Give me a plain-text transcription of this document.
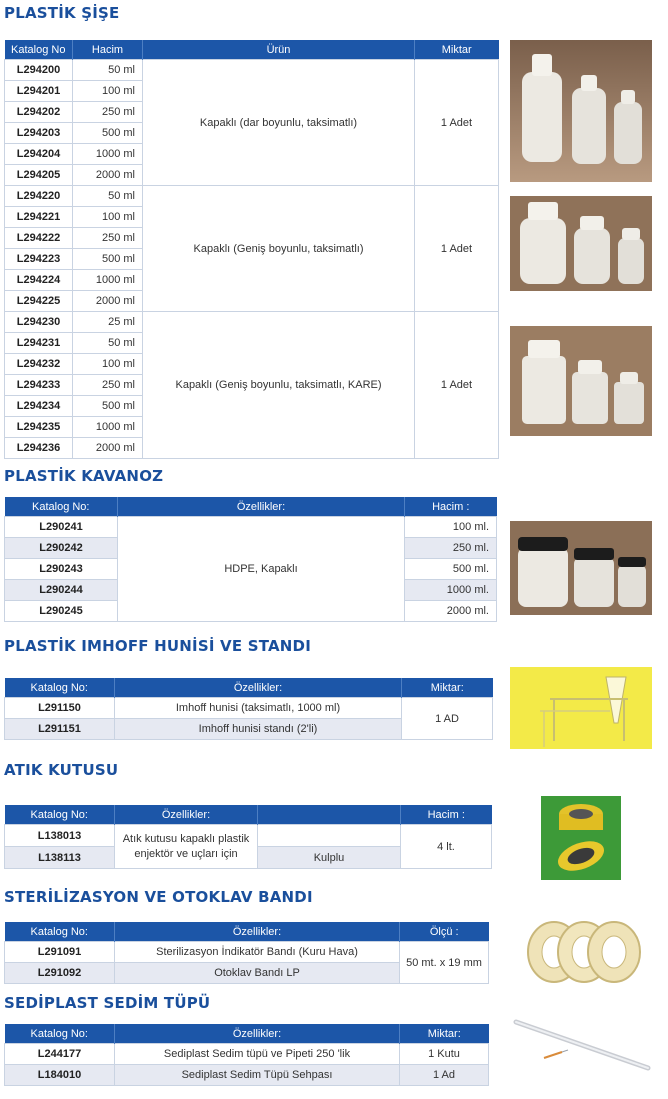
PLASTİK ŞİŞE
Katalog No	Hacim	Ürün	Miktar
L294200	50 ml	Kapaklı (dar boyunlu, taksimatlı)	1 Adet
L294201	100 ml		
L294202	250 ml		
L294203	500 ml		
L294204	1000 ml		
L294205	2000 ml		
L294220	50 ml	Kapaklı (Geniş boyunlu, taksimatlı)	1 Adet
L294221	100 ml		
L294222	250 ml		
L294223	500 ml		
L294224	1000 ml		
L294225	2000 ml		
L294230	25 ml	Kapaklı (Geniş boyunlu, taksimatlı, KARE)	1 Adet
L294231	50 ml		
L294232	100 ml		
L294233	250 ml		
L294234	500 ml		
L294235	1000 ml		
L294236	2000 ml		
PLASTİK KAVANOZ
Katalog No:	Özellikler:	Hacim :
L290241	HDPE, Kapaklı	100 ml.
L290242		250 ml.
L290243		500 ml.
L290244		1000 ml.
L290245		2000 ml.
PLASTİK IMHOFF HUNİSİ VE STANDI
Katalog No:	Özellikler:	Miktar:
L291150	Imhoff hunisi (taksimatlı, 1000 ml)	1 AD
L291151	Imhoff hunisi standı (2'li)	
ATIK KUTUSU
Katalog No:	Özellikler:		Hacim :
L138013	Atık kutusu kapaklı plastik enjektör ve uçları için		4 lt.
L138113		Kulplu	
STERİLİZASYON VE OTOKLAV BANDI
Katalog No:	Özellikler:	Ölçü :
L291091	Sterilizasyon İndikatör Bandı (Kuru Hava)	50 mt. x 19 mm
L291092	Otoklav Bandı LP	
SEDİPLAST SEDİM TÜPÜ
Katalog No:	Özellikler:	Miktar:
L244177	Sediplast Sedim tüpü ve Pipeti 250 'lik	1 Kutu
L184010	Sediplast Sedim Tüpü Sehpası	1 Ad
